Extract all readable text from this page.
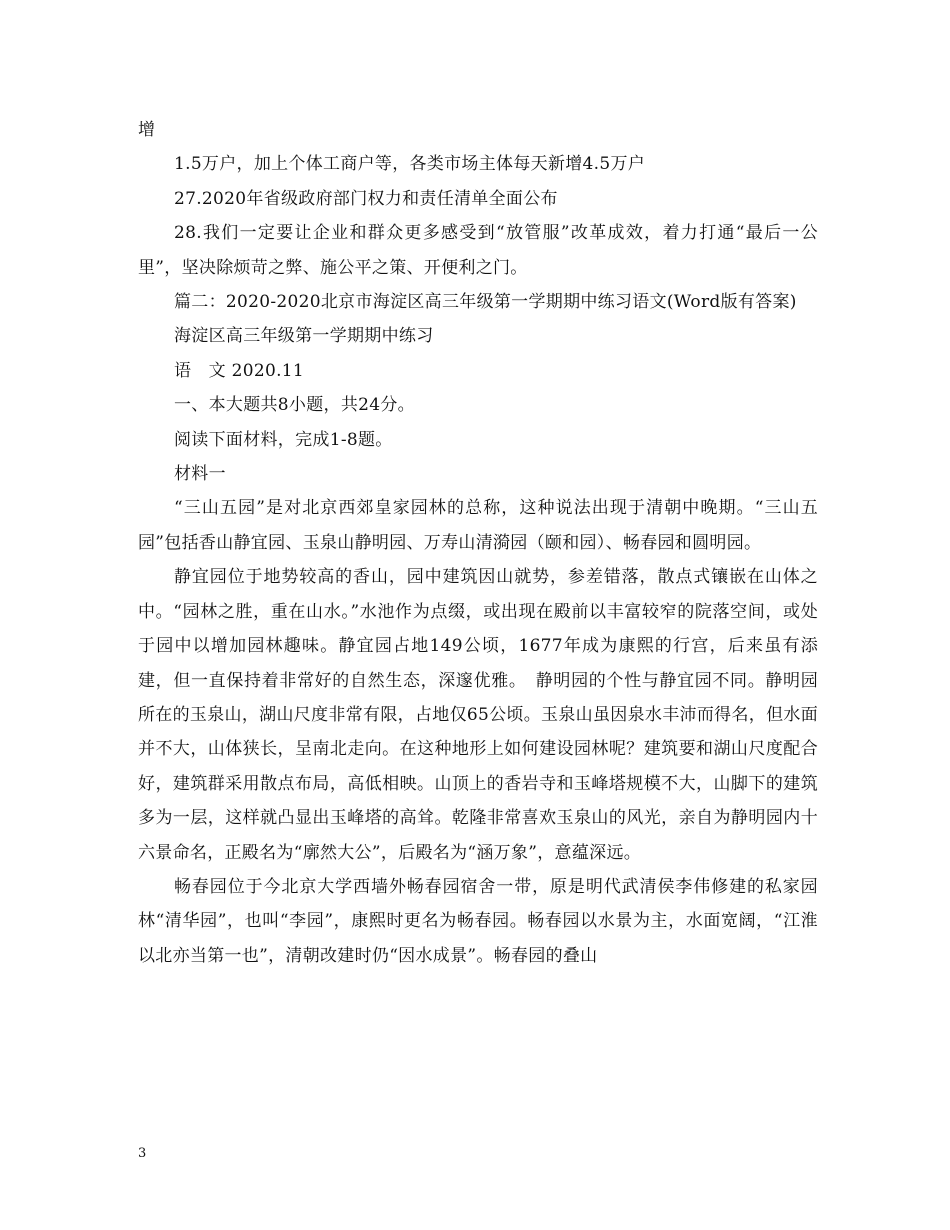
增

1.5万户，加上个体工商户等，各类市场主体每天新增4.5万户

27.2020年省级政府部门权力和责任清单全面公布

28.我们一定要让企业和群众更多感受到“放管服”改革成效，着力打通“最后一公里”，坚决除烦苛之弊、施公平之策、开便利之门。

篇二：2020-2020北京市海淀区高三年级第一学期期中练习语文(Word版有答案)

海淀区高三年级第一学期期中练习

语　文 2020.11

一、本大题共8小题，共24分。

阅读下面材料，完成1-8题。

材料一

“三山五园”是对北京西郊皇家园林的总称，这种说法出现于清朝中晚期。“三山五园”包括香山静宜园、玉泉山静明园、万寿山清漪园（颐和园）、畅春园和圆明园。

静宜园位于地势较高的香山，园中建筑因山就势，参差错落，散点式镶嵌在山体之中。“园林之胜，重在山水。”水池作为点缀，或出现在殿前以丰富较窄的院落空间，或处于园中以增加园林趣味。静宜园占地149公顷，1677年成为康熙的行宫，后来虽有添建，但一直保持着非常好的自然生态，深邃优雅。　静明园的个性与静宜园不同。静明园所在的玉泉山，湖山尺度非常有限，占地仅65公顷。玉泉山虽因泉水丰沛而得名，但水面并不大，山体狭长，呈南北走向。在这种地形上如何建设园林呢？建筑要和湖山尺度配合好，建筑群采用散点布局，高低相映。山顶上的香岩寺和玉峰塔规模不大，山脚下的建筑多为一层，这样就凸显出玉峰塔的高耸。乾隆非常喜欢玉泉山的风光，亲自为静明园内十六景命名，正殿名为“廓然大公”，后殿名为“涵万象”，意蕴深远。

畅春园位于今北京大学西墙外畅春园宿舍一带，原是明代武清侯李伟修建的私家园林“清华园”，也叫“李园”，康熙时更名为畅春园。畅春园以水景为主，水面宽阔，“江淮以北亦当第一也”，清朝改建时仍“因水成景”。畅春园的叠山

3
